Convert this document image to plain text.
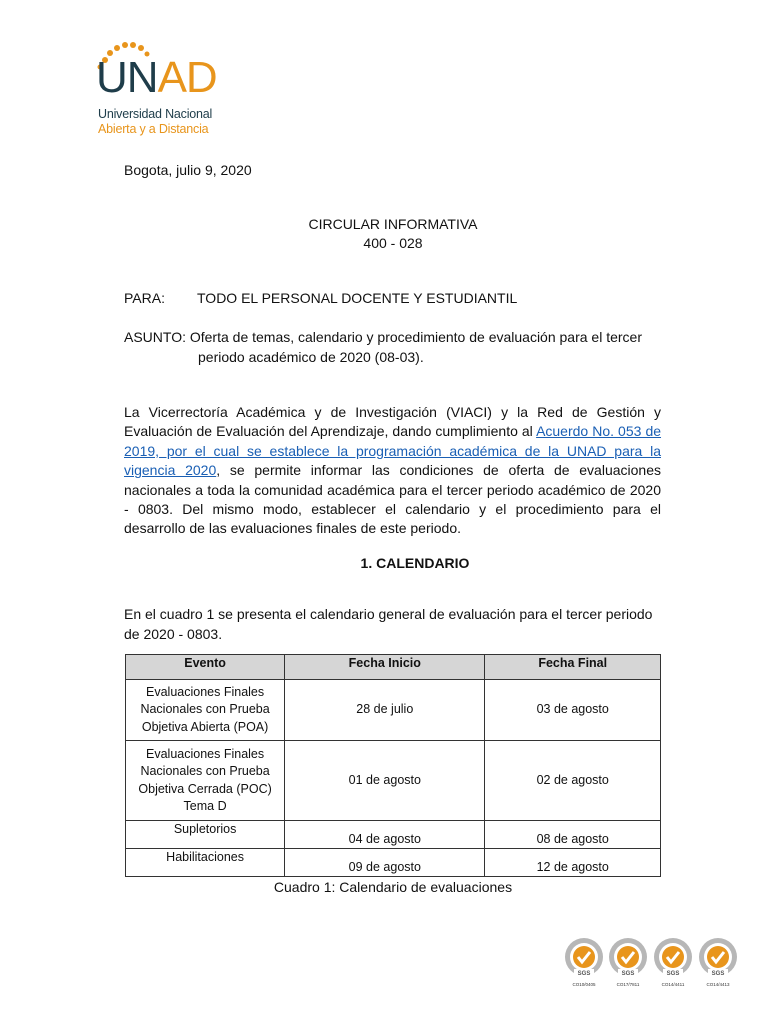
UNAD
Universidad Nacional
Abierta y a Distancia
Bogota, julio 9, 2020
CIRCULAR INFORMATIVA
400 - 028
PARA: TODO EL PERSONAL DOCENTE Y ESTUDIANTIL
ASUNTO: Oferta de temas, calendario y procedimiento de evaluación para el tercer
periodo académico de 2020 (08-03).
La Vicerrectoría Académica y de Investigación (VIACI) y la Red de Gestión y Evaluación de Evaluación del Aprendizaje, dando cumplimiento al Acuerdo No. 053 de 2019, por el cual se establece la programación académica de la UNAD para la vigencia 2020, se permite informar las condiciones de oferta de evaluaciones nacionales a toda la comunidad académica para el tercer periodo académico de 2020 - 0803. Del mismo modo, establecer el calendario y el procedimiento para el desarrollo de las evaluaciones finales de este periodo.
1. CALENDARIO
En el cuadro 1 se presenta el calendario general de evaluación para el tercer periodo de 2020 - 0803.
Evento	Fecha Inicio	Fecha Final
Evaluaciones Finales Nacionales con Prueba Objetiva Abierta (POA)	28 de julio	03 de agosto
Evaluaciones Finales Nacionales con Prueba Objetiva Cerrada (POC) Tema D	01 de agosto	02 de agosto
Supletorios	04 de agosto	08 de agosto
Habilitaciones	09 de agosto	12 de agosto
Cuadro 1: Calendario de evaluaciones
SGS
CO10/0405
SGS
CO17/7811
SGS
CO14/4411
SGS
CO14/4413
